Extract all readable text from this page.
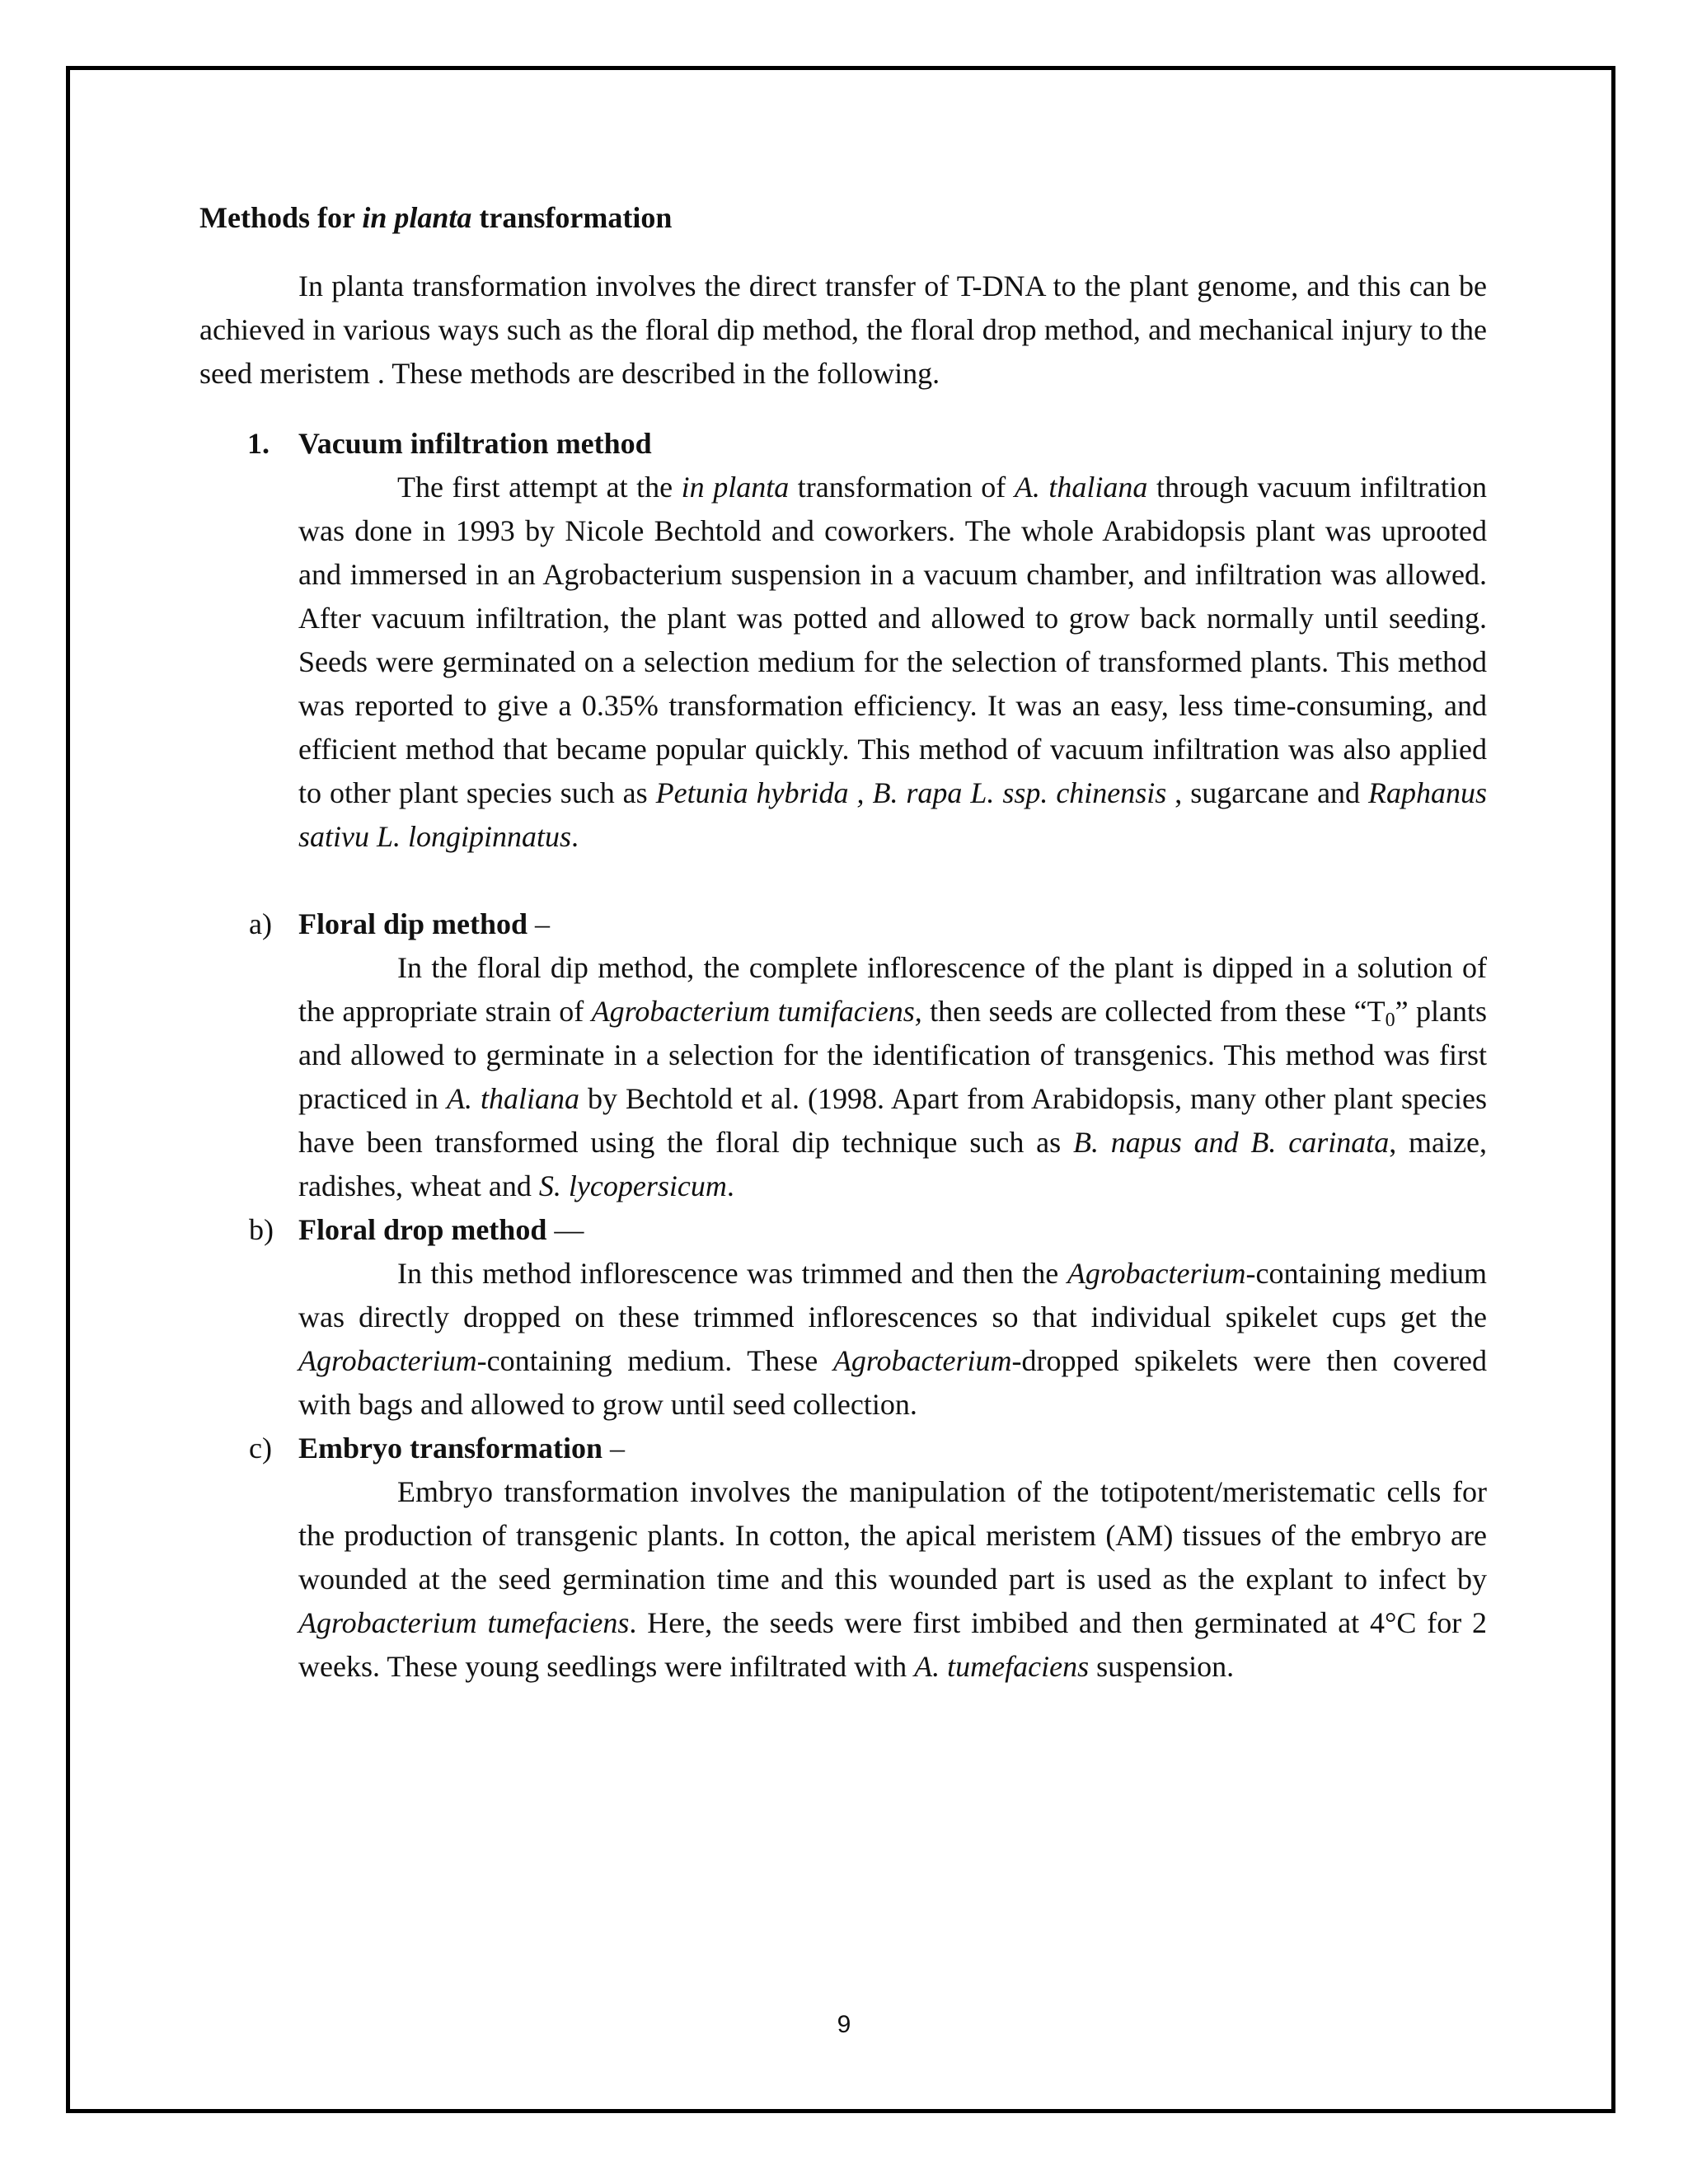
Methods for in planta transformation

In planta transformation involves the direct transfer of T-DNA to the plant genome, and this can be achieved in various ways such as the floral dip method, the floral drop method, and mechanical injury to the seed meristem . These methods are described in the following.

1. Vacuum infiltration method

The first attempt at the in planta transformation of A. thaliana through vacuum infiltration was done in 1993 by Nicole Bechtold and coworkers. The whole Arabidopsis plant was uprooted and immersed in an Agrobacterium suspension in a vacuum chamber, and infiltration was allowed. After vacuum infiltration, the plant was potted and allowed to grow back normally until seeding. Seeds were germinated on a selection medium for the selection of transformed plants. This method was reported to give a 0.35% transformation efficiency. It was an easy, less time-consuming, and efficient method that became popular quickly. This method of vacuum infiltration was also applied to other plant species such as Petunia hybrida , B. rapa L. ssp. chinensis , sugarcane and Raphanus sativu L. longipinnatus.

a) Floral dip method –

In the floral dip method, the complete inflorescence of the plant is dipped in a solution of the appropriate strain of Agrobacterium tumifaciens, then seeds are collected from these “$T_0$” plants and allowed to germinate in a selection for the identification of transgenics. This method was first practiced in A. thaliana by Bechtold et al. (1998. Apart from Arabidopsis, many other plant species have been transformed using the floral dip technique such as B. napus and B. carinata, maize, radishes, wheat and S. lycopersicum.

b) Floral drop method —

In this method inflorescence was trimmed and then the Agrobacterium-containing medium was directly dropped on these trimmed inflorescences so that individual spikelet cups get the Agrobacterium-containing medium. These Agrobacterium-dropped spikelets were then covered with bags and allowed to grow until seed collection.

c) Embryo transformation –

Embryo transformation involves the manipulation of the totipotent/meristematic cells for the production of transgenic plants. In cotton, the apical meristem (AM) tissues of the embryo are wounded at the seed germination time and this wounded part is used as the explant to infect by Agrobacterium tumefaciens. Here, the seeds were first imbibed and then germinated at 4°C for 2 weeks. These young seedlings were infiltrated with A. tumefaciens suspension.

9
